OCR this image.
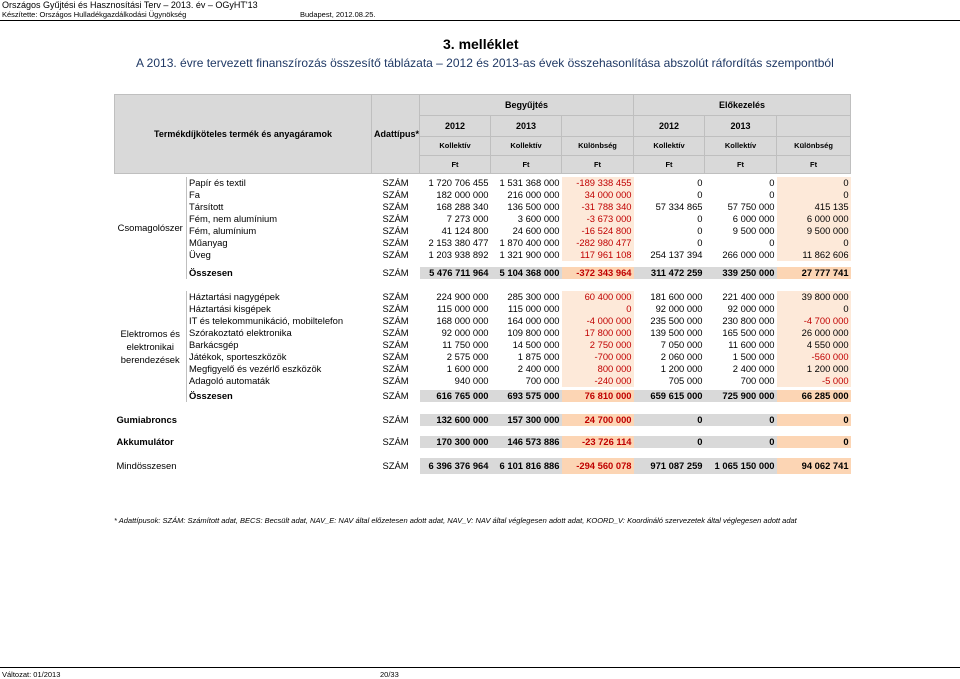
Országos Gyűjtési és Hasznosítási Terv – 2013. év – OGyHT'13
Készítette: Országos Hulladékgazdálkodási Ügynökség	Budapest, 2012.08.25.
3. melléklet
A 2013. évre tervezett finanszírozás összesítő táblázata – 2012 és 2013-as évek összehasonlítása abszolút ráfordítás szempontból
Termékdíjköteles termék és anyagáramok		Adattípus*	Begyűjtés			Előkezelés		
			2012	2013		2012	2013	
			Kollektív	Kollektív	Különbség	Kollektív	Kollektív	Különbség
			Ft	Ft	Ft	Ft	Ft	Ft

Csomagolószer	Papír és textil	SZÁM	1 720 706 455	1 531 368 000	-189 338 455	0	0	0
	Fa	SZÁM	182 000 000	216 000 000	34 000 000	0	0	0
	Társított	SZÁM	168 288 340	136 500 000	-31 788 340	57 334 865	57 750 000	415 135
	Fém, nem alumínium	SZÁM	7 273 000	3 600 000	-3 673 000	0	6 000 000	6 000 000
	Fém, alumínium	SZÁM	41 124 800	24 600 000	-16 524 800	0	9 500 000	9 500 000
	Műanyag	SZÁM	2 153 380 477	1 870 400 000	-282 980 477	0	0	0
	Üveg	SZÁM	1 203 938 892	1 321 900 000	117 961 108	254 137 394	266 000 000	11 862 606

	Összesen	SZÁM	5 476 711 964	5 104 368 000	-372 343 964	311 472 259	339 250 000	27 777 741

Elektromos és
elektronikai
berendezések	Háztartási nagygépek	SZÁM	224 900 000	285 300 000	60 400 000	181 600 000	221 400 000	39 800 000
	Háztartási kisgépek	SZÁM	115 000 000	115 000 000	0	92 000 000	92 000 000	0
	IT és telekommunikáció, mobiltelefon	SZÁM	168 000 000	164 000 000	-4 000 000	235 500 000	230 800 000	-4 700 000
	Szórakoztató elektronika	SZÁM	92 000 000	109 800 000	17 800 000	139 500 000	165 500 000	26 000 000
	Barkácsgép	SZÁM	11 750 000	14 500 000	2 750 000	7 050 000	11 600 000	4 550 000
	Játékok, sporteszközök	SZÁM	2 575 000	1 875 000	-700 000	2 060 000	1 500 000	-560 000
	Megfigyelő és vezérlő eszközök	SZÁM	1 600 000	2 400 000	800 000	1 200 000	2 400 000	1 200 000
	Adagoló automaták	SZÁM	940 000	700 000	-240 000	705 000	700 000	-5 000

	Összesen	SZÁM	616 765 000	693 575 000	76 810 000	659 615 000	725 900 000	66 285 000

Gumiabroncs		SZÁM	132 600 000	157 300 000	24 700 000	0	0	0

Akkumulátor		SZÁM	170 300 000	146 573 886	-23 726 114	0	0	0

Mindösszesen		SZÁM	6 396 376 964	6 101 816 886	-294 560 078	971 087 259	1 065 150 000	94 062 741
* Adattípusok: SZÁM: Számított adat, BECS: Becsült adat, NAV_E: NAV által előzetesen adott adat, NAV_V: NAV által véglegesen adott adat, KOORD_V: Koordináló szervezetek által véglegesen adott adat
Változat: 01/2013	20/33
